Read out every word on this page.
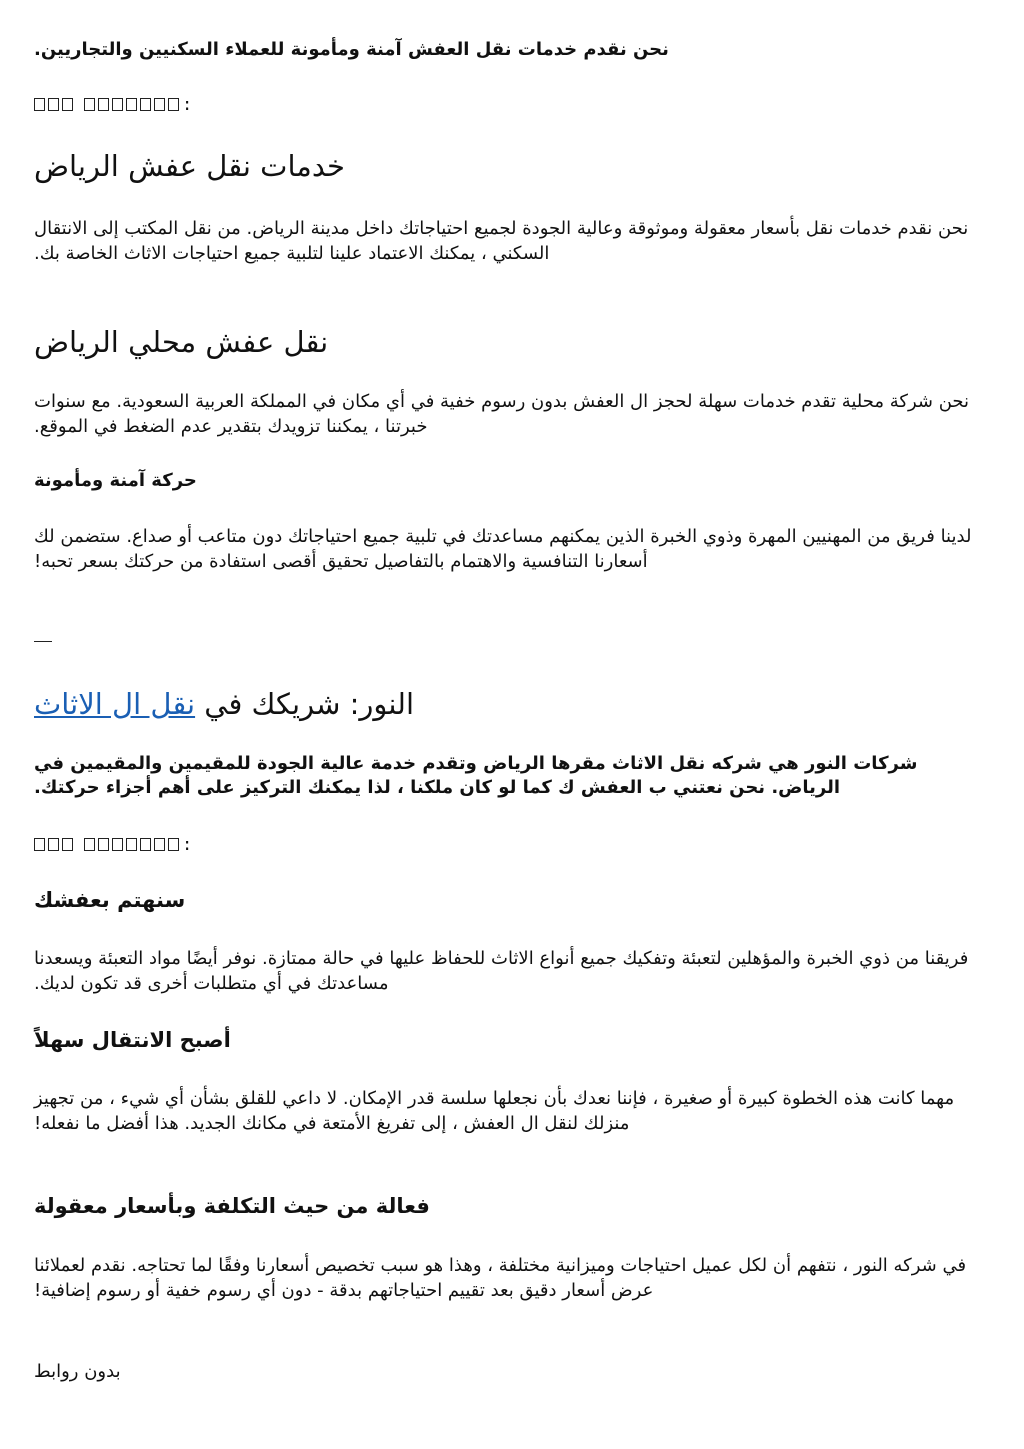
نحن نقدم خدمات نقل العفش آمنة ومأمونة للعملاء السكنيين والتجاريين.

:
خدمات نقل عفش الرياض

نحن نقدم خدمات نقل بأسعار معقولة وموثوقة وعالية الجودة لجميع احتياجاتك داخل مدينة الرياض. من نقل المكتب إلى الانتقال السكني ، يمكنك الاعتماد علينا لتلبية جميع احتياجات الاثاث الخاصة بك.

نقل عفش محلي الرياض

نحن شركة محلية تقدم خدمات سهلة لحجز ال العفش بدون رسوم خفية في أي مكان في المملكة العربية السعودية. مع سنوات خبرتنا ، يمكننا تزويدك بتقدير عدم الضغط في الموقع.

حركة آمنة ومأمونة

لدينا فريق من المهنيين المهرة وذوي الخبرة الذين يمكنهم مساعدتك في تلبية جميع احتياجاتك دون متاعب أو صداع. ستضمن لك أسعارنا التنافسية والاهتمام بالتفاصيل تحقيق أقصى استفادة من حركتك بسعر تحبه!

النور: شريكك في نقل ال الاثاث

شركات النور هي شركه نقل الاثاث مقرها الرياض وتقدم خدمة عالية الجودة للمقيمين والمقيمين في الرياض. نحن نعتني ب العفش ك كما لو كان ملكنا ، لذا يمكنك التركيز على أهم أجزاء حركتك.

:
سنهتم بعفشك

فريقنا من ذوي الخبرة والمؤهلين لتعبئة وتفكيك جميع أنواع الاثاث للحفاظ عليها في حالة ممتازة. نوفر أيضًا مواد التعبئة ويسعدنا مساعدتك في أي متطلبات أخرى قد تكون لديك.

أصبح الانتقال سهلاً

مهما كانت هذه الخطوة كبيرة أو صغيرة ، فإننا نعدك بأن نجعلها سلسة قدر الإمكان. لا داعي للقلق بشأن أي شيء ، من تجهيز منزلك لنقل ال العفش ، إلى تفريغ الأمتعة في مكانك الجديد. هذا أفضل ما نفعله!

فعالة من حيث التكلفة وبأسعار معقولة

في شركه النور ، نتفهم أن لكل عميل احتياجات وميزانية مختلفة ، وهذا هو سبب تخصيص أسعارنا وفقًا لما تحتاجه. نقدم لعملائنا عرض أسعار دقيق بعد تقييم احتياجاتهم بدقة - دون أي رسوم خفية أو رسوم إضافية!

بدون روابط
